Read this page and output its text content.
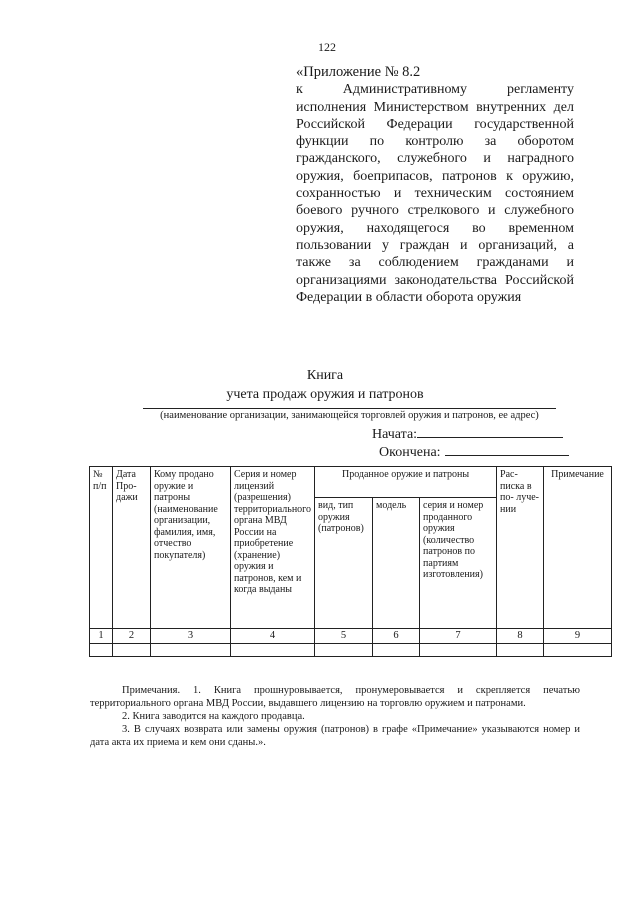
122
«Приложение № 8.2
к Административному регламенту исполнения Министерством внутренних дел Российской Федерации государственной функции по контролю за оборотом гражданского, служебного и наградного оружия, боеприпасов, патронов к оружию, сохранностью и техническим состоянием боевого ручного стрелкового и служебного оружия, находящегося во временном пользовании у граждан и организаций, а также за соблюдением гражданами и организациями законодательства Российской Федерации в области оборота оружия
Книга
учета продаж оружия и патронов
(наименование организации, занимающейся торговлей оружия и патронов, ее адрес)
Начата:
Окончена:
№ п/п	Дата Про- дажи	Кому продано оружие и патроны (наименование организации, фамилия, имя, отчество покупателя)	Серия и номер лицензий (разрешения) территориального органа МВД России на приобретение (хранение) оружия и патронов, кем и когда выданы	Проданное оружие и патроны			Рас- писка в по- луче- нии	Примечание
				вид, тип оружия (патронов)	модель	серия и номер проданного оружия (количество патронов по партиям изготовления)		
1	2	3	4	5	6	7	8	9

Примечания. 1. Книга прошнуровывается, пронумеровывается и скрепляется печатью территориального органа МВД России, выдавшего лицензию на торговлю оружием и патронами.

2. Книга заводится на каждого продавца.

3. В случаях возврата или замены оружия (патронов) в графе «Примечание» указываются номер и дата акта их приема и кем они сданы.».
